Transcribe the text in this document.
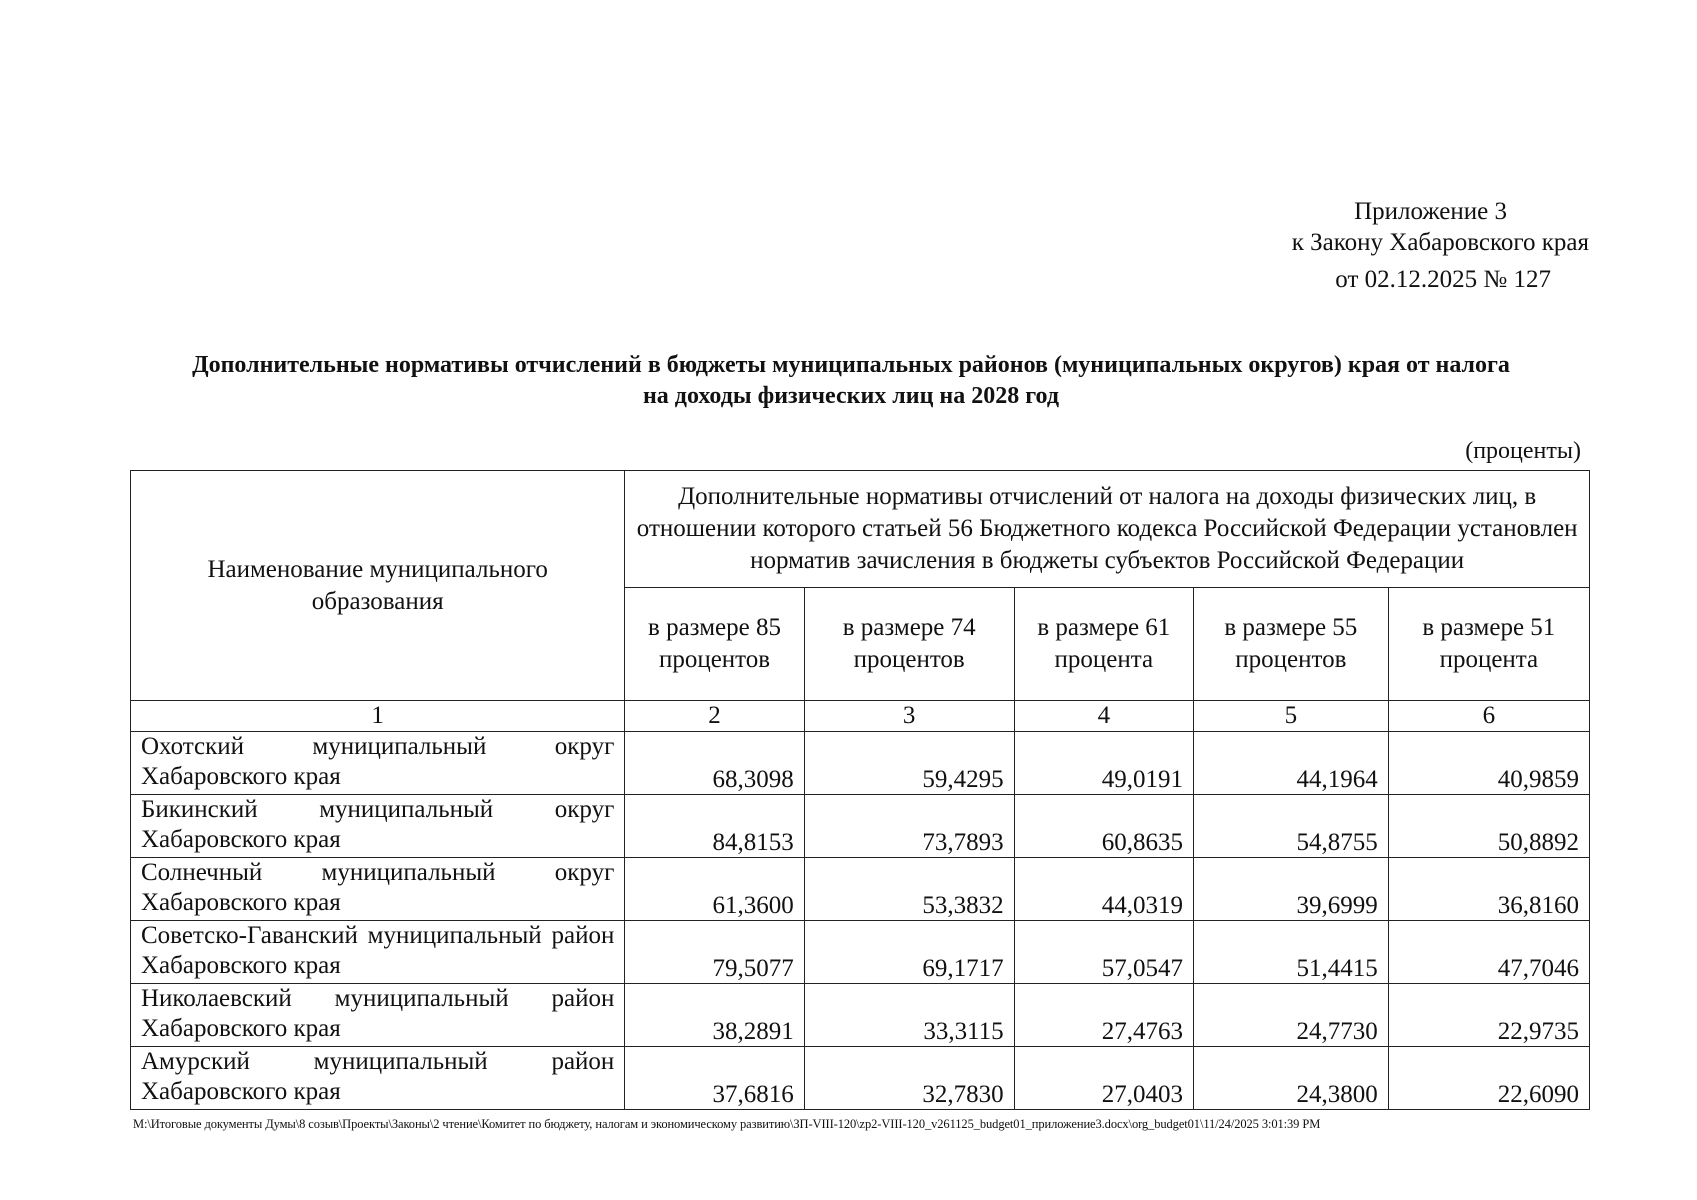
Приложение 3
к Закону Хабаровского края
от 02.12.2025 № 127
Дополнительные нормативы отчислений в бюджеты муниципальных районов (муниципальных округов) края от налога
на доходы физических лиц на 2028 год
(проценты)
Наименование муниципального образования	Дополнительные нормативы отчислений от налога на доходы физических лиц, в отношении которого статьей 56 Бюджетного кодекса Российской Федерации установлен норматив зачисления в бюджеты субъектов Российской Федерации				
	в размере 85 процентов	в размере 74 процентов	в размере 61 процента	в размере 55 процентов	в размере 51 процента
1	2	3	4	5	6
Охотский муниципальный округ Хабаровского края	68,3098	59,4295	49,0191	44,1964	40,9859
Бикинский муниципальный округ Хабаровского края	84,8153	73,7893	60,8635	54,8755	50,8892
Солнечный муниципальный округ Хабаровского края	61,3600	53,3832	44,0319	39,6999	36,8160
Советско-Гаванский муниципальный район Хабаровского края	79,5077	69,1717	57,0547	51,4415	47,7046
Николаевский муниципальный район Хабаровского края	38,2891	33,3115	27,4763	24,7730	22,9735
Амурский муниципальный район Хабаровского края	37,6816	32,7830	27,0403	24,3800	22,6090
M:\Итоговые документы Думы\8 созыв\Проекты\Законы\2 чтение\Комитет по бюджету, налогам и экономическому развитию\ЗП-VIII-120\zp2-VIII-120_v261125_budget01_приложение3.docx\org_budget01\11/24/2025 3:01:39 PM
